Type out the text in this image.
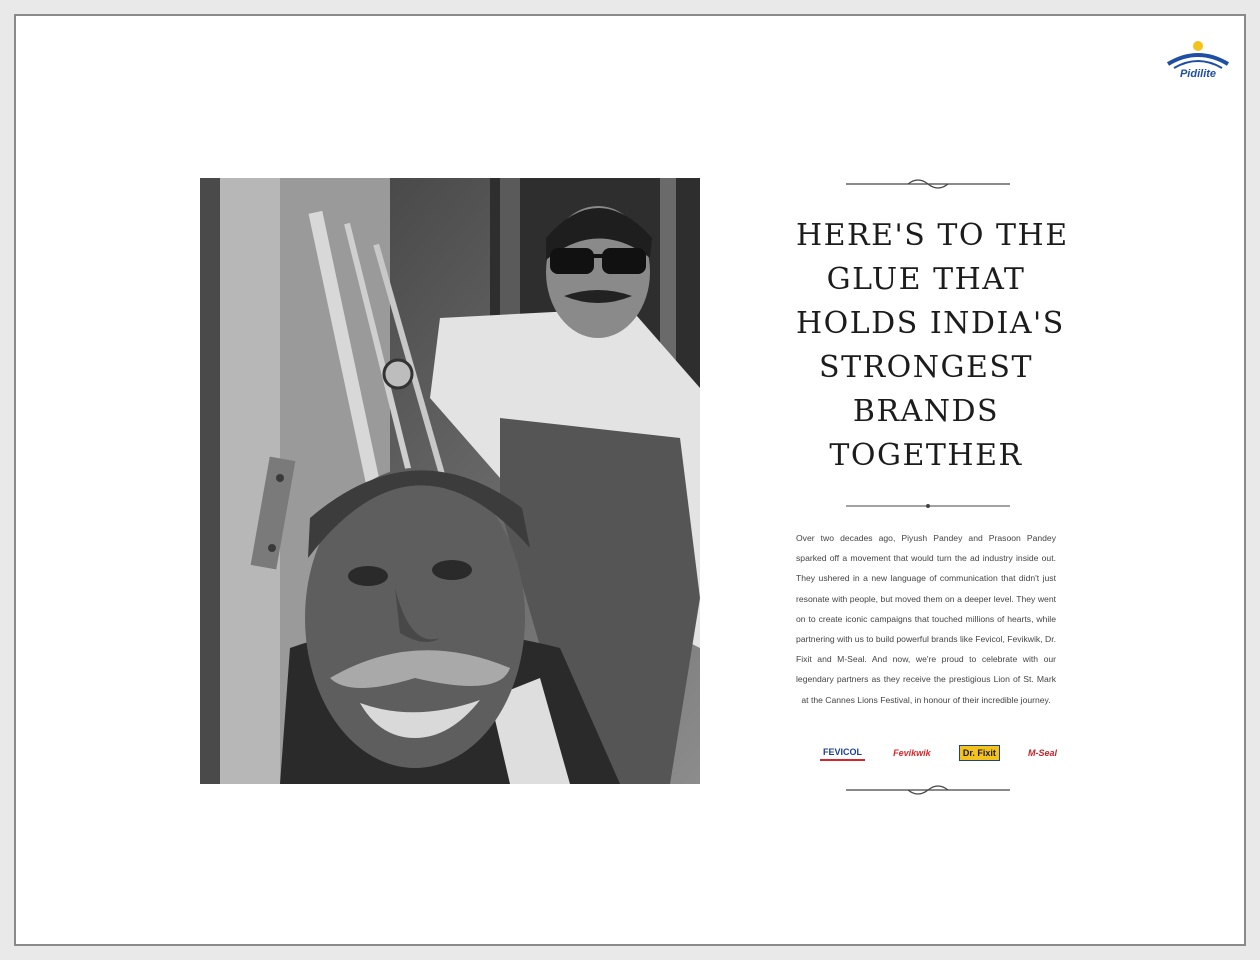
Pidilite
HERE'S TO THE
GLUE THAT
HOLDS INDIA'S
STRONGEST
BRANDS
TOGETHER

Over two decades ago, Piyush Pandey and Prasoon Pandey sparked off a movement that would turn the ad industry inside out. They ushered in a new language of communication that didn't just resonate with people, but moved them on a deeper level. They went on to create iconic campaigns that touched millions of hearts, while partnering with us to build powerful brands like Fevicol, Fevikwik, Dr. Fixit and M-Seal. And now, we're proud to celebrate with our legendary partners as they receive the prestigious Lion of St. Mark at the Cannes Lions Festival, in honour of their incredible journey.

FEVICOL	Fevikwik	Dr. Fixit	M-Seal
